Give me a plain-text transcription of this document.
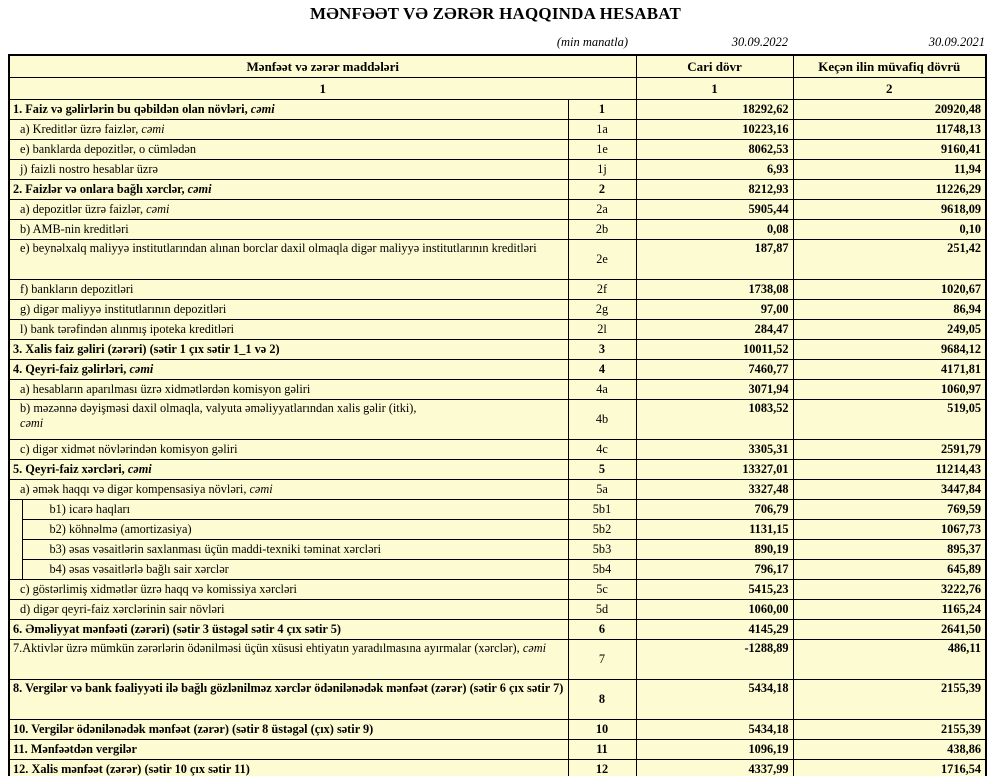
MƏNFƏƏT VƏ ZƏRƏR HAQQINDA HESABAT
(min manatla)	30.09.2022	30.09.2021
Mənfəət və zərər maddələri			Cari dövr	Keçən ilin müvafiq dövrü
1			1	2
1. Faiz və gəlirlərin bu qəbildən olan növləri, cəmi		1	18292,62	20920,48
a) Kreditlər üzrə faizlər, cəmi		1a	10223,16	11748,13
e) banklarda depozitlər, o cümlədən		1e	8062,53	9160,41
j) faizli nostro hesablar üzrə		1j	6,93	11,94
2. Faizlər və onlara bağlı xərclər, cəmi		2	8212,93	11226,29
a) depozitlər üzrə faizlər, cəmi		2a	5905,44	9618,09
b) AMB-nin kreditləri		2b	0,08	0,10
e) beynəlxalq maliyyə institutlarından alınan borclar daxil olmaqla digər maliyyə institutlarının kreditləri		2e	187,87	251,42
f) bankların depozitləri		2f	1738,08	1020,67
g) digər maliyyə institutlarının depozitləri		2g	97,00	86,94
l) bank tərəfindən alınmış ipoteka kreditləri		2l	284,47	249,05
3. Xalis faiz gəliri (zərəri) (sətir 1 çıx sətir 1_1 və 2)		3	10011,52	9684,12
4. Qeyri-faiz gəlirləri, cəmi		4	7460,77	4171,81
a) hesabların aparılması üzrə xidmətlərdən komisyon gəliri		4a	3071,94	1060,97
b) məzənnə dəyişməsi daxil olmaqla, valyuta əməliyyatlarından xalis gəlir (itki),
cəmi		4b	1083,52	519,05
c) digər xidmət növlərindən komisyon gəliri		4c	3305,31	2591,79
5. Qeyri-faiz xərcləri, cəmi		5	13327,01	11214,43
a) əmək haqqı və digər kompensasiya növləri, cəmi		5a	3327,48	3447,84
	b1) icarə haqları	5b1	706,79	769,59
	b2) köhnəlmə (amortizasiya)	5b2	1131,15	1067,73
	b3) əsas vəsaitlərin saxlanması üçün maddi-texniki təminat xərcləri	5b3	890,19	895,37
	b4) əsas vəsaitlərlə bağlı sair xərclər	5b4	796,17	645,89
c) göstərlimiş xidmətlər üzrə haqq və komissiya xərcləri		5c	5415,23	3222,76
d) digər qeyri-faiz xərclərinin sair növləri		5d	1060,00	1165,24
6. Əməliyyat mənfəəti (zərəri) (sətir 3 üstəgəl sətir 4 çıx sətir 5)		6	4145,29	2641,50
7.Aktivlər üzrə mümkün zərərlərin ödənilməsi üçün xüsusi ehtiyatın yaradılmasına ayırmalar (xərclər), cəmi		7	-1288,89	486,11
8. Vergilər və bank fəaliyyəti ilə bağlı gözlənilməz xərclər ödənilənədək mənfəət (zərər) (sətir 6 çıx sətir 7)		8	5434,18	2155,39
10. Vergilər ödənilənədək mənfəət (zərər) (sətir 8 üstəgəl (çıx) sətir 9)		10	5434,18	2155,39
11. Mənfəətdən vergilər		11	1096,19	438,86
12. Xalis mənfəət (zərər) (sətir 10 çıx sətir 11)		12	4337,99	1716,54
